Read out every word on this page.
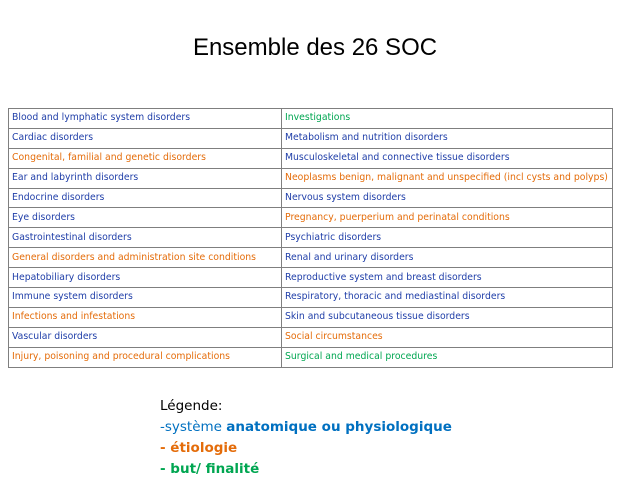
Ensemble des 26 SOC
Blood and lymphatic system disorders	Investigations
Cardiac disorders	Metabolism and nutrition disorders
Congenital, familial and genetic disorders	Musculoskeletal and connective tissue disorders
Ear and labyrinth disorders	Neoplasms benign, malignant and unspecified (incl cysts and polyps)
Endocrine disorders	Nervous system disorders
Eye disorders	Pregnancy, puerperium and perinatal conditions
Gastrointestinal disorders	Psychiatric disorders
General disorders and administration site conditions	Renal and urinary disorders
Hepatobiliary disorders	Reproductive system and breast disorders
Immune system disorders	Respiratory, thoracic and mediastinal disorders
Infections and infestations	Skin and subcutaneous tissue disorders
Vascular disorders	Social circumstances
Injury, poisoning and procedural complications	Surgical and medical procedures
Légende:
-système anatomique ou physiologique
- étiologie
- but/ finalité
